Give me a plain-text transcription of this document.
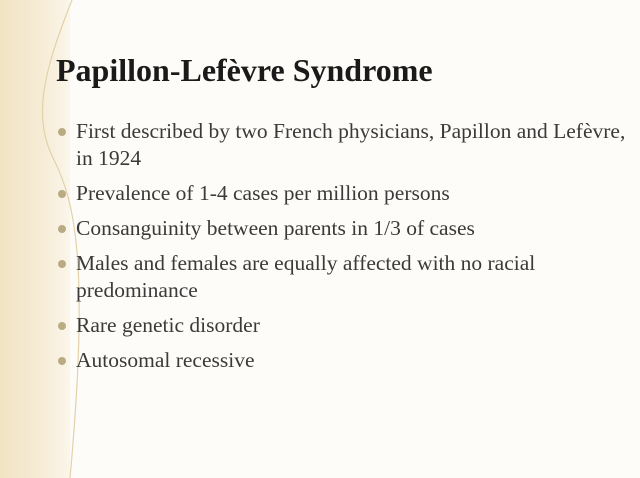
Papillon-Lefèvre Syndrome
First described by two French physicians, Papillon and Lefèvre, in 1924
Prevalence of 1-4 cases per million persons
Consanguinity between parents in 1/3 of cases
Males and females are equally affected with no racial predominance
Rare genetic disorder
Autosomal recessive
